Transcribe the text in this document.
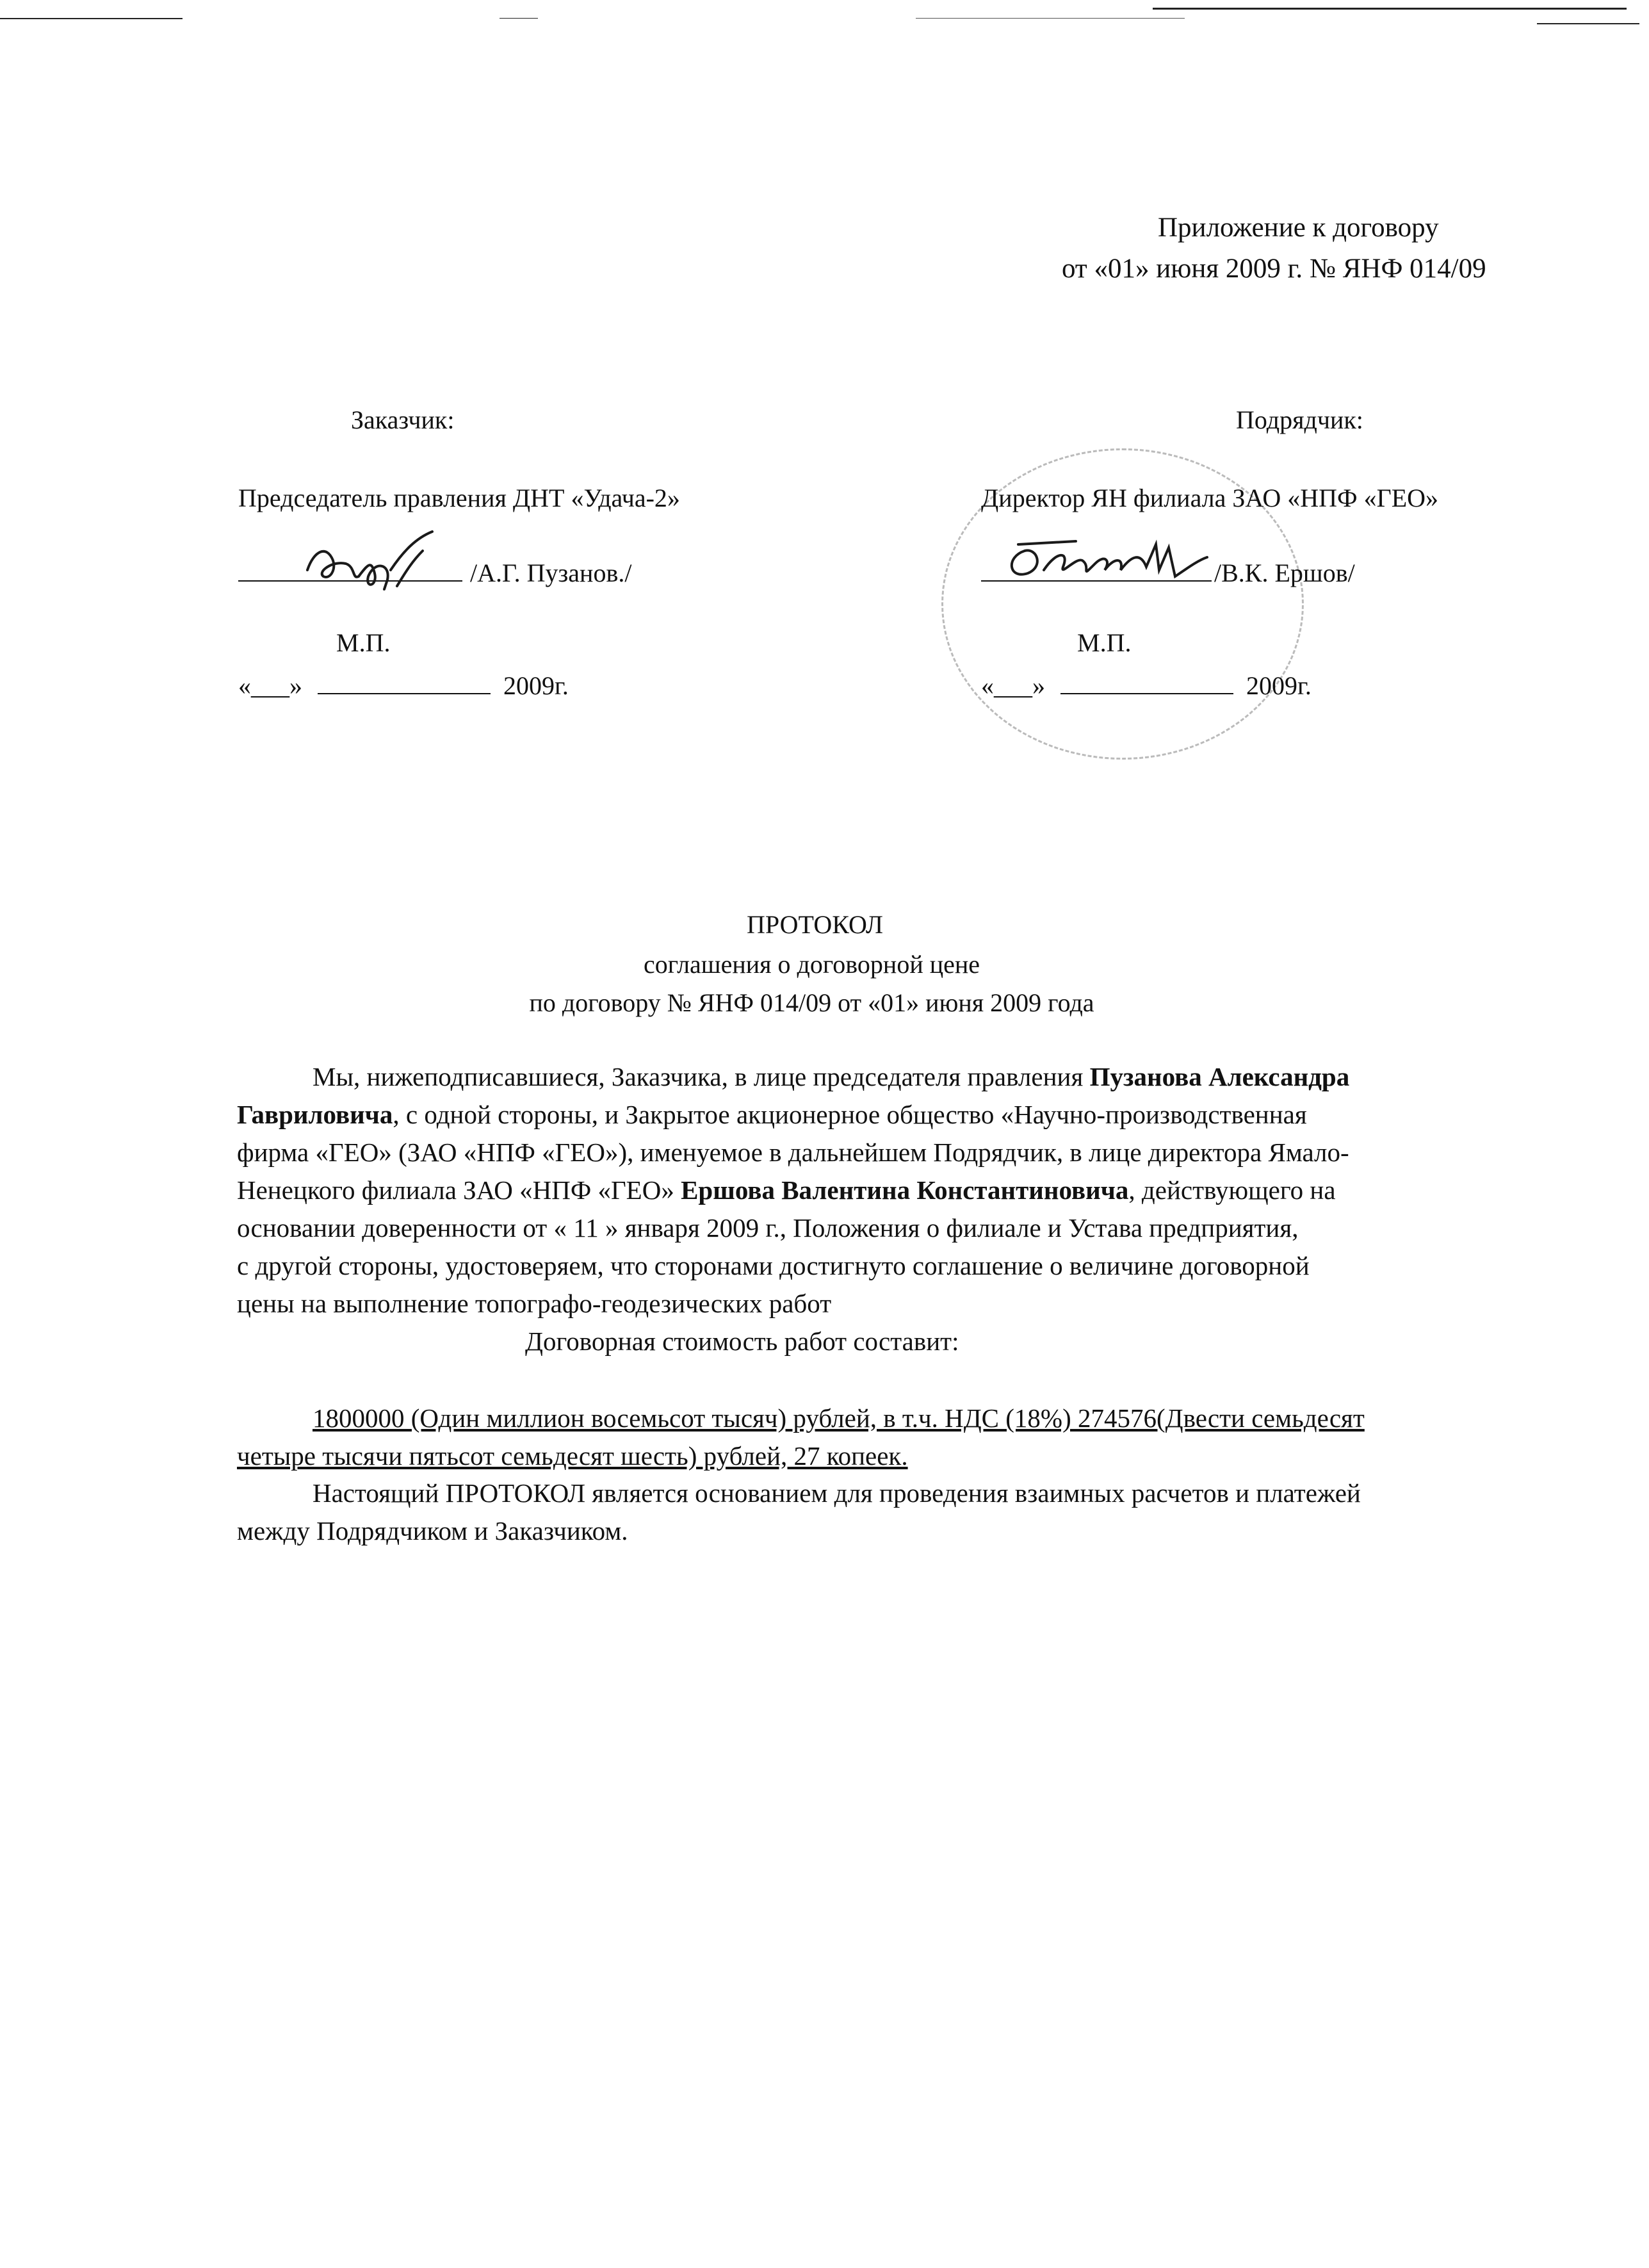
Приложение к договору
от «01» июня 2009 г. № ЯНФ 014/09
Заказчик:
Председатель правления ДНТ «Удача-2»
/А.Г. Пузанов./
М.П.
«___»	2009г.
Подрядчик:
Директор ЯН филиала ЗАО «НПФ «ГЕО»
/В.К. Ершов/
М.П.
«___»	2009г.
ПРОТОКОЛ
соглашения о договорной цене
по договору № ЯНФ 014/09 от «01» июня 2009 года
Мы, нижеподписавшиеся, Заказчика, в лице председателя правления Пузанова Александра
Гавриловича, с одной стороны, и Закрытое акционерное общество «Научно-производственная
фирма «ГЕО» (ЗАО «НПФ «ГЕО»), именуемое в дальнейшем Подрядчик, в лице директора Ямало-
Ненецкого филиала ЗАО «НПФ «ГЕО» Ершова Валентина Константиновича, действующего на
основании доверенности от « 11 » января 2009 г., Положения о филиале и Устава предприятия,
с другой стороны, удостоверяем, что сторонами достигнуто соглашение о величине договорной
цены на выполнение топографо-геодезических работ
Договорная стоимость работ составит:
1800000 (Один миллион восемьсот тысяч) рублей, в т.ч. НДС (18%) 274576(Двести семьдесят
четыре тысячи пятьсот семьдесят шесть) рублей, 27 копеек.
Настоящий ПРОТОКОЛ является основанием для проведения взаимных расчетов и платежей
между Подрядчиком и Заказчиком.
